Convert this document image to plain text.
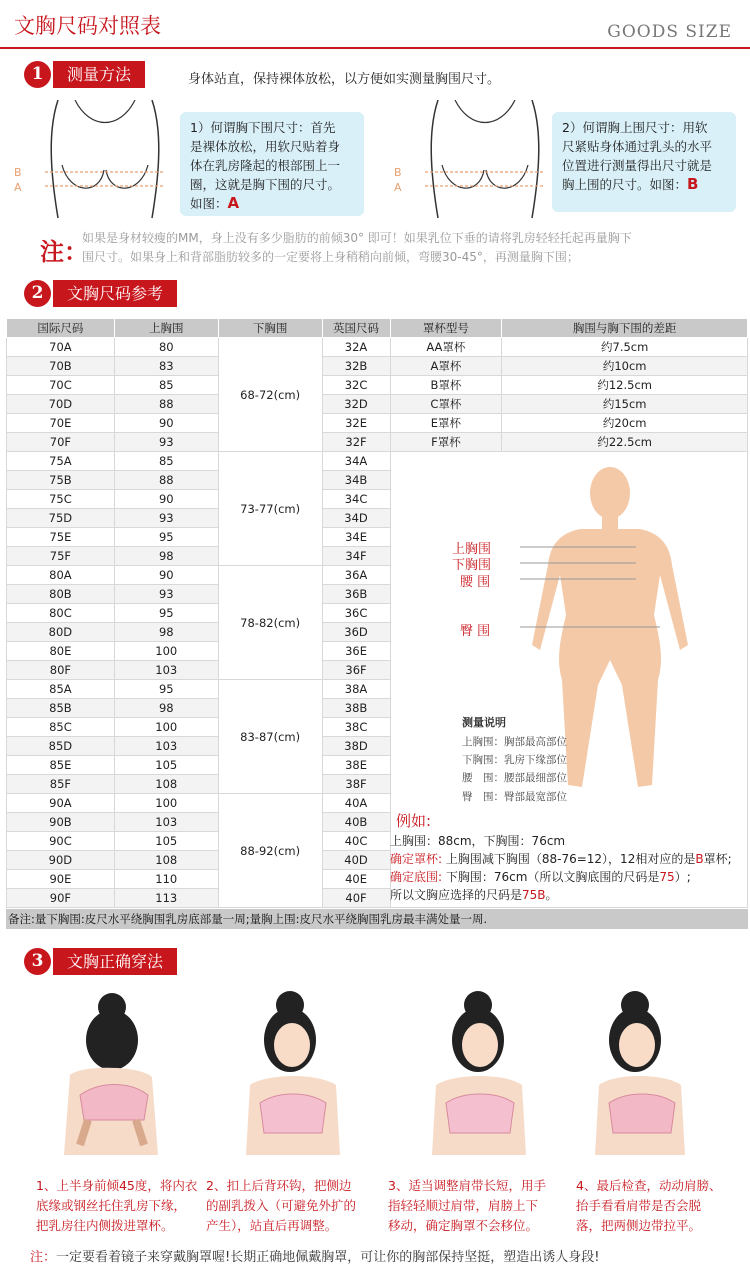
文胸尺码对照表	GOODS SIZE
1	测量方法	身体站直，保持裸体放松，以方便如实测量胸围尺寸。
B
A
1）何谓胸下围尺寸：首先
是裸体放松，用软尺贴着身
体在乳房隆起的根部围上一
圈，这就是胸下围的尺寸。
如图：A
B
A
2）何谓胸上围尺寸：用软
尺紧贴身体通过乳头的水平
位置进行测量得出尺寸就是
胸上围的尺寸。如图：B
注：
如果是身材较瘦的MM，身上没有多少脂肪的前倾30° 即可！如果乳位下垂的请将乳房轻轻托起再量胸下
围尺寸。如果身上和背部脂肪较多的一定要将上身稍稍向前倾，弯腰30-45°，再测量胸下围；
2	文胸尺码参考
国际尺码	上胸围	下胸围	英国尺码	罩杯型号	胸围与胸下围的差距
70A	80	68-72(cm)	32A	AA罩杯	约7.5cm
70B	83		32B	A罩杯	约10cm
70C	85		32C	B罩杯	约12.5cm
70D	88		32D	C罩杯	约15cm
70E	90		32E	E罩杯	约20cm
70F	93		32F	F罩杯	约22.5cm
75A	85	73-77(cm)	34A		
75B	88		34B		
75C	90		34C		
75D	93		34D		
75E	95		34E		
75F	98		34F		
80A	90	78-82(cm)	36A		
80B	93		36B		
80C	95		36C		
80D	98		36D		
80E	100		36E		
80F	103		36F		
85A	95	83-87(cm)	38A		
85B	98		38B		
85C	100		38C		
85D	103		38D		
85E	105		38E		
85F	108		38F		
90A	100	88-92(cm)	40A		
90B	103		40B		
90C	105		40C		
90D	108		40D		
90E	110		40E		
90F	113		40F		
上胸围
下胸围
腰 围
臀 围
测量说明
上胸围：胸部最高部位
下胸围：乳房下缘部位
腰　围：腰部最细部位
臀　围：臀部最宽部位
例如:
上胸围：88cm，下胸围：76cm
确定罩杯: 上胸围减下胸围（88-76=12），12相对应的是B罩杯;
确定底围: 下胸围：76cm（所以文胸底围的尺码是75）;
所以文胸应选择的尺码是75B。
备注:量下胸围:皮尺水平绕胸围乳房底部量一周;量胸上围:皮尺水平绕胸围乳房最丰满处量一周.
3	文胸正确穿法
1、上半身前倾45度，将内衣
底缘或钢丝托住乳房下缘，
把乳房往内侧拨进罩杯。
2、扣上后背环钩，把侧边
的副乳拨入（可避免外扩的
产生），站直后再调整。
3、适当调整肩带长短，用手
指轻轻顺过肩带，肩膀上下
移动，确定胸罩不会移位。
4、最后检查，动动肩膀、
抬手看看肩带是否会脱
落，把两侧边带拉平。
注：一定要看着镜子来穿戴胸罩喔!长期正确地佩戴胸罩，可让你的胸部保持坚挺，塑造出诱人身段!
